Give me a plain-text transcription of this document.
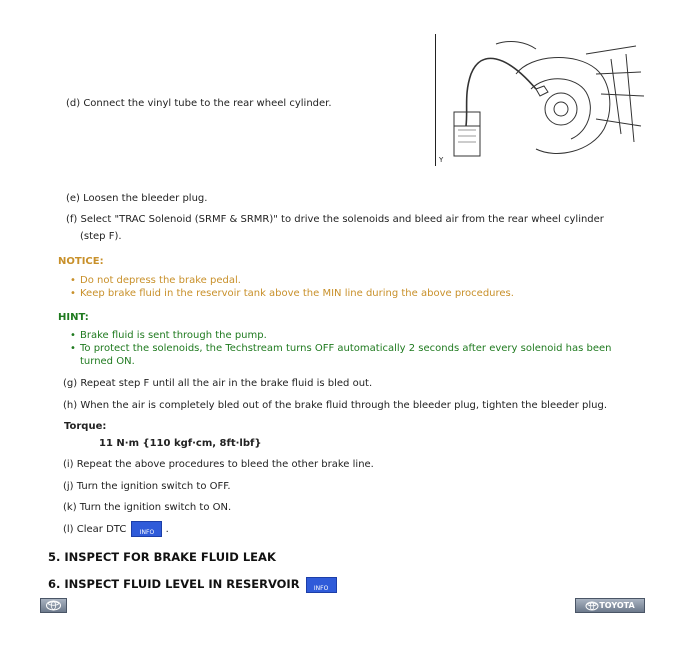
Y
(d) Connect the vinyl tube to the rear wheel cylinder.
(e) Loosen the bleeder plug.
(f) Select "TRAC Solenoid (SRMF & SRMR)" to drive the solenoids and bleed air from the rear wheel cylinder
(step F).
NOTICE:
• Do not depress the brake pedal.
• Keep brake fluid in the reservoir tank above the MIN line during the above procedures.
HINT:
• Brake fluid is sent through the pump.
• To protect the solenoids, the Techstream turns OFF automatically 2 seconds after every solenoid has been
turned ON.
(g) Repeat step F until all the air in the brake fluid is bled out.
(h) When the air is completely bled out of the brake fluid through the bleeder plug, tighten the bleeder plug.
Torque:
11 N·m {110 kgf·cm, 8ft·lbf}
(i) Repeat the above procedures to bleed the other brake line.
(j) Turn the ignition switch to OFF.
(k) Turn the ignition switch to ON.
(l) Clear DTC INFO .
5. INSPECT FOR BRAKE FLUID LEAK
6. INSPECT FLUID LEVEL IN RESERVOIR INFO
TOYOTA
